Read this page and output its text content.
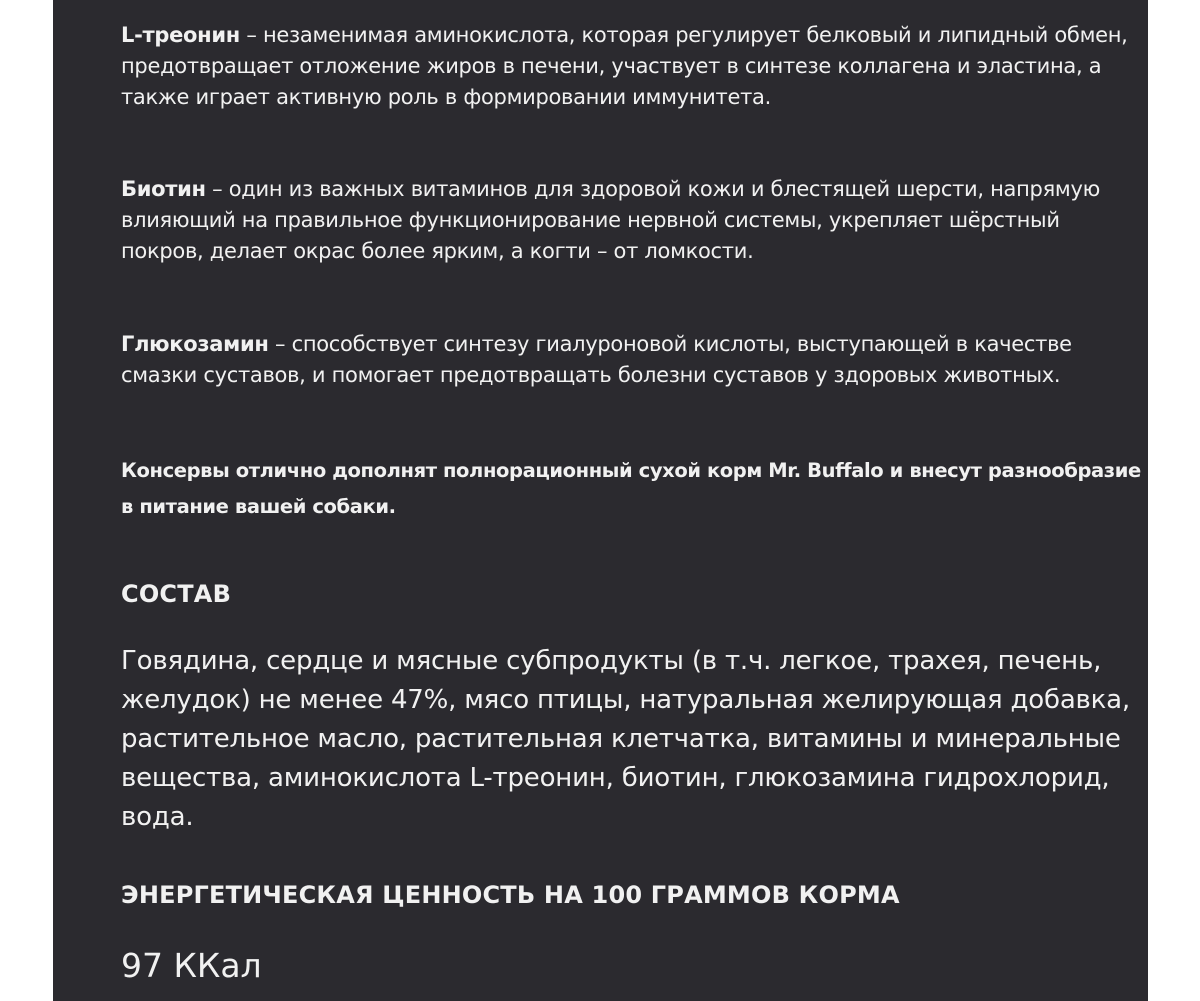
L-треонин – незаменимая аминокислота, которая регулирует белковый и липидный обмен, предотвращает отложение жиров в печени, участвует в синтезе коллагена и эластина, а также играет активную роль в формировании иммунитета.

Биотин – один из важных витаминов для здоровой кожи и блестящей шерсти, напрямую влияющий на правильное функционирование нервной системы, укрепляет шёрстный покров, делает окрас более ярким, а когти – от ломкости.

Глюкозамин – способствует синтезу гиалуроновой кислоты, выступающей в качестве смазки суставов, и помогает предотвращать болезни суставов у здоровых животных.

Консервы отлично дополнят полнорационный сухой корм Mr. Buffalo и внесут разнообразие в питание вашей собаки.

СОСТАВ

Говядина, сердце и мясные субпродукты (в т.ч. легкое, трахея, печень, желудок) не менее 47%, мясо птицы, натуральная желирующая добавка, растительное масло, растительная клетчатка, витамины и минеральные вещества, аминокислота L-треонин, биотин, глюкозамина гидрохлорид, вода.

ЭНЕРГЕТИЧЕСКАЯ ЦЕННОСТЬ НА 100 ГРАММОВ КОРМА

97 ККал
